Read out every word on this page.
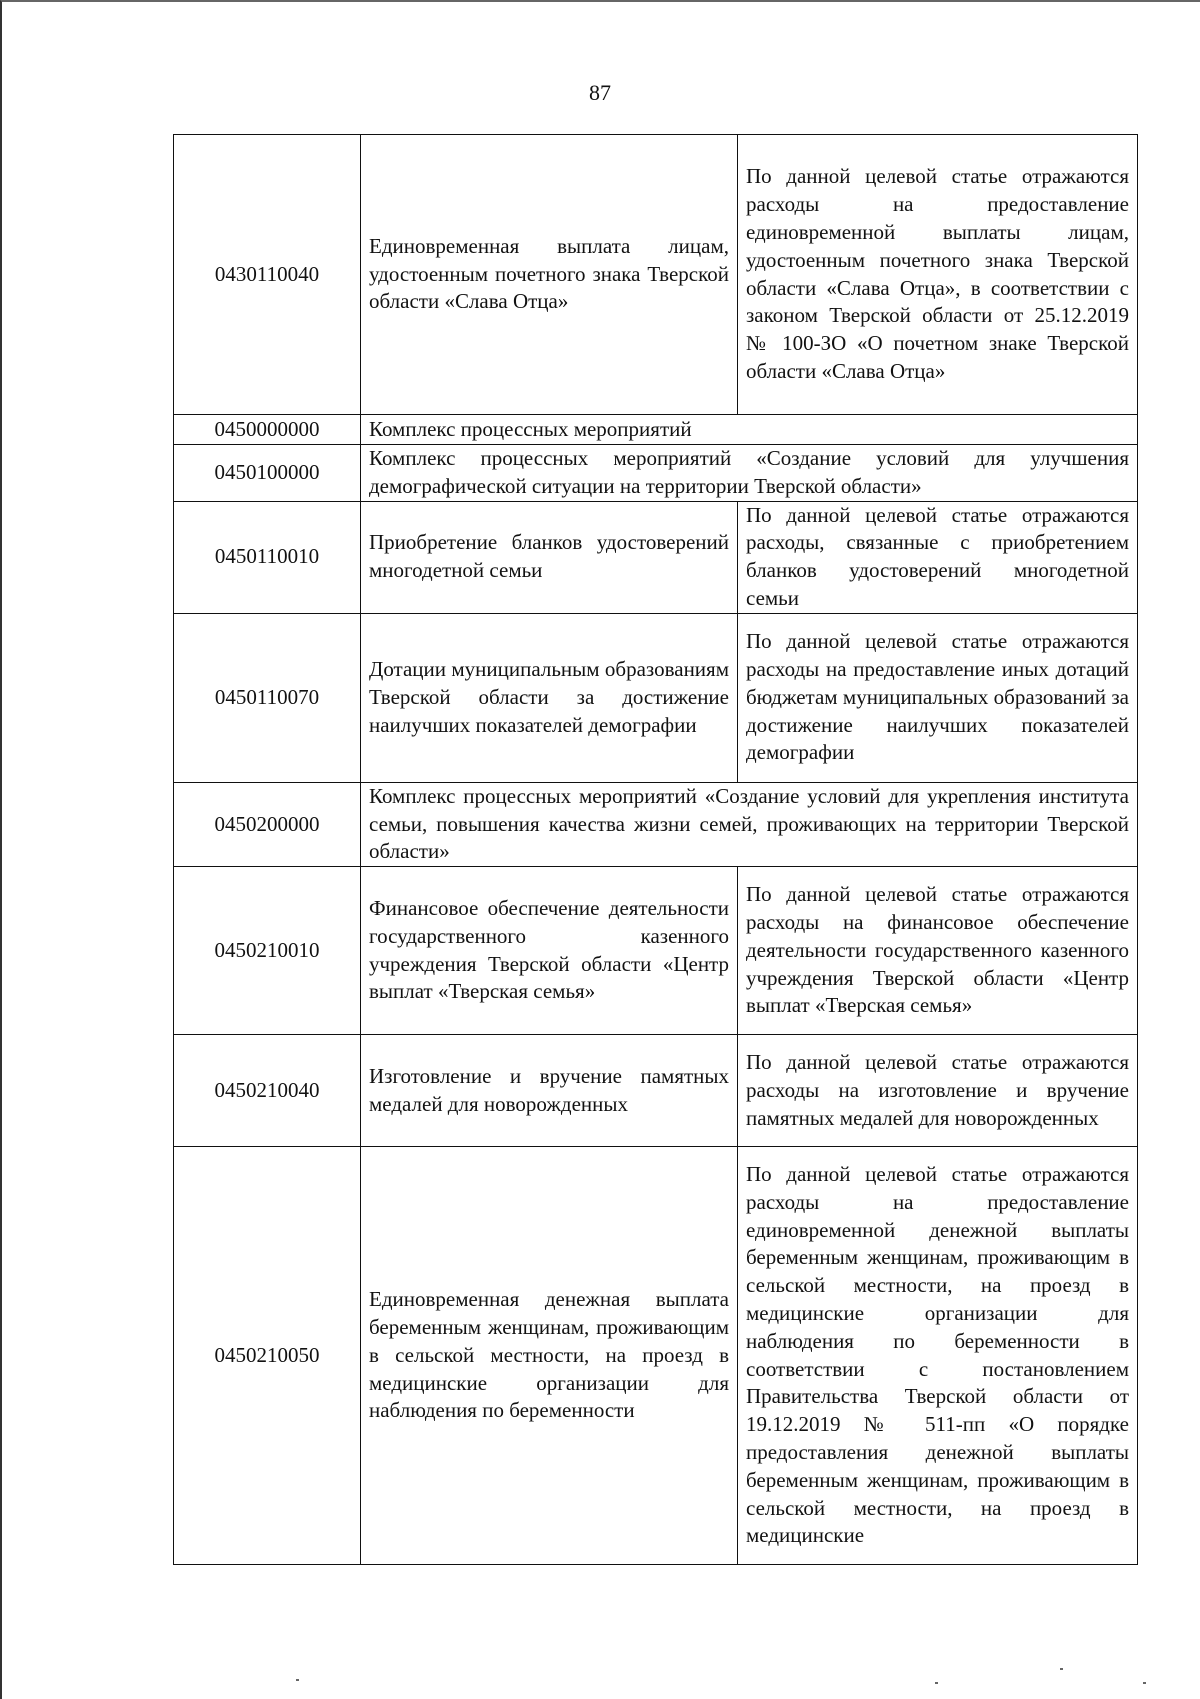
87
0430110040	Единовременная выплата лицам, удостоенным почетного знака Тверской области «Слава Отца»	По данной целевой статье отражаются расходы на предоставление единовременной выплаты лицам, удостоенным почетного знака Тверской области «Слава Отца», в соответствии с законом Тверской области от 25.12.2019 № 100-ЗО «О почетном знаке Тверской области «Слава Отца»
0450000000	Комплекс процессных мероприятий	
0450100000	Комплекс процессных мероприятий «Создание условий для улучшения демографической ситуации на территории Тверской области»	
0450110010	Приобретение бланков удостоверений многодетной семьи	По данной целевой статье отражаются расходы, связанные с приобретением бланков удостоверений многодетной семьи
0450110070	Дотации муниципальным образованиям Тверской области за достижение наилучших показателей демографии	По данной целевой статье отражаются расходы на предоставление иных дотаций бюджетам муниципальных образований за достижение наилучших показателей демографии
0450200000	Комплекс процессных мероприятий «Создание условий для укрепления института семьи, повышения качества жизни семей, проживающих на территории Тверской области»	
0450210010	Финансовое обеспечение деятельности государственного казенного учреждения Тверской области «Центр выплат «Тверская семья»	По данной целевой статье отражаются расходы на финансовое обеспечение деятельности государственного казенного учреждения Тверской области «Центр выплат «Тверская семья»
0450210040	Изготовление и вручение памятных медалей для новорожденных	По данной целевой статье отражаются расходы на изготовление и вручение памятных медалей для новорожденных
0450210050	Единовременная денежная выплата беременным женщинам, проживающим в сельской местности, на проезд в медицинские организации для наблюдения по беременности	По данной целевой статье отражаются расходы на предоставление единовременной денежной выплаты беременным женщинам, проживающим в сельской местности, на проезд в медицинские организации для наблюдения по беременности в соответствии с постановлением Правительства Тверской области от 19.12.2019 № 511-пп «О порядке предоставления денежной выплаты беременным женщинам, проживающим в сельской местности, на проезд в медицинские
